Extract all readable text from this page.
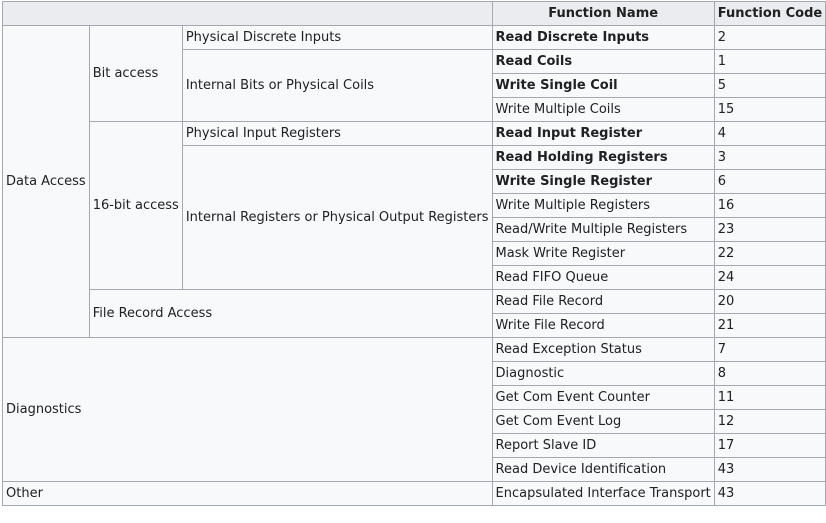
			Function Name	Function Code
Data Access	Bit access	Physical Discrete Inputs	Read Discrete Inputs	2
		Internal Bits or Physical Coils	Read Coils	1
			Write Single Coil	5
			Write Multiple Coils	15
	16-bit access	Physical Input Registers	Read Input Register	4
		Internal Registers or Physical Output Registers	Read Holding Registers	3
			Write Single Register	6
			Write Multiple Registers	16
			Read/Write Multiple Registers	23
			Mask Write Register	22
			Read FIFO Queue	24
	File Record Access		Read File Record	20
			Write File Record	21
Diagnostics			Read Exception Status	7
			Diagnostic	8
			Get Com Event Counter	11
			Get Com Event Log	12
			Report Slave ID	17
			Read Device Identification	43
Other			Encapsulated Interface Transport	43
